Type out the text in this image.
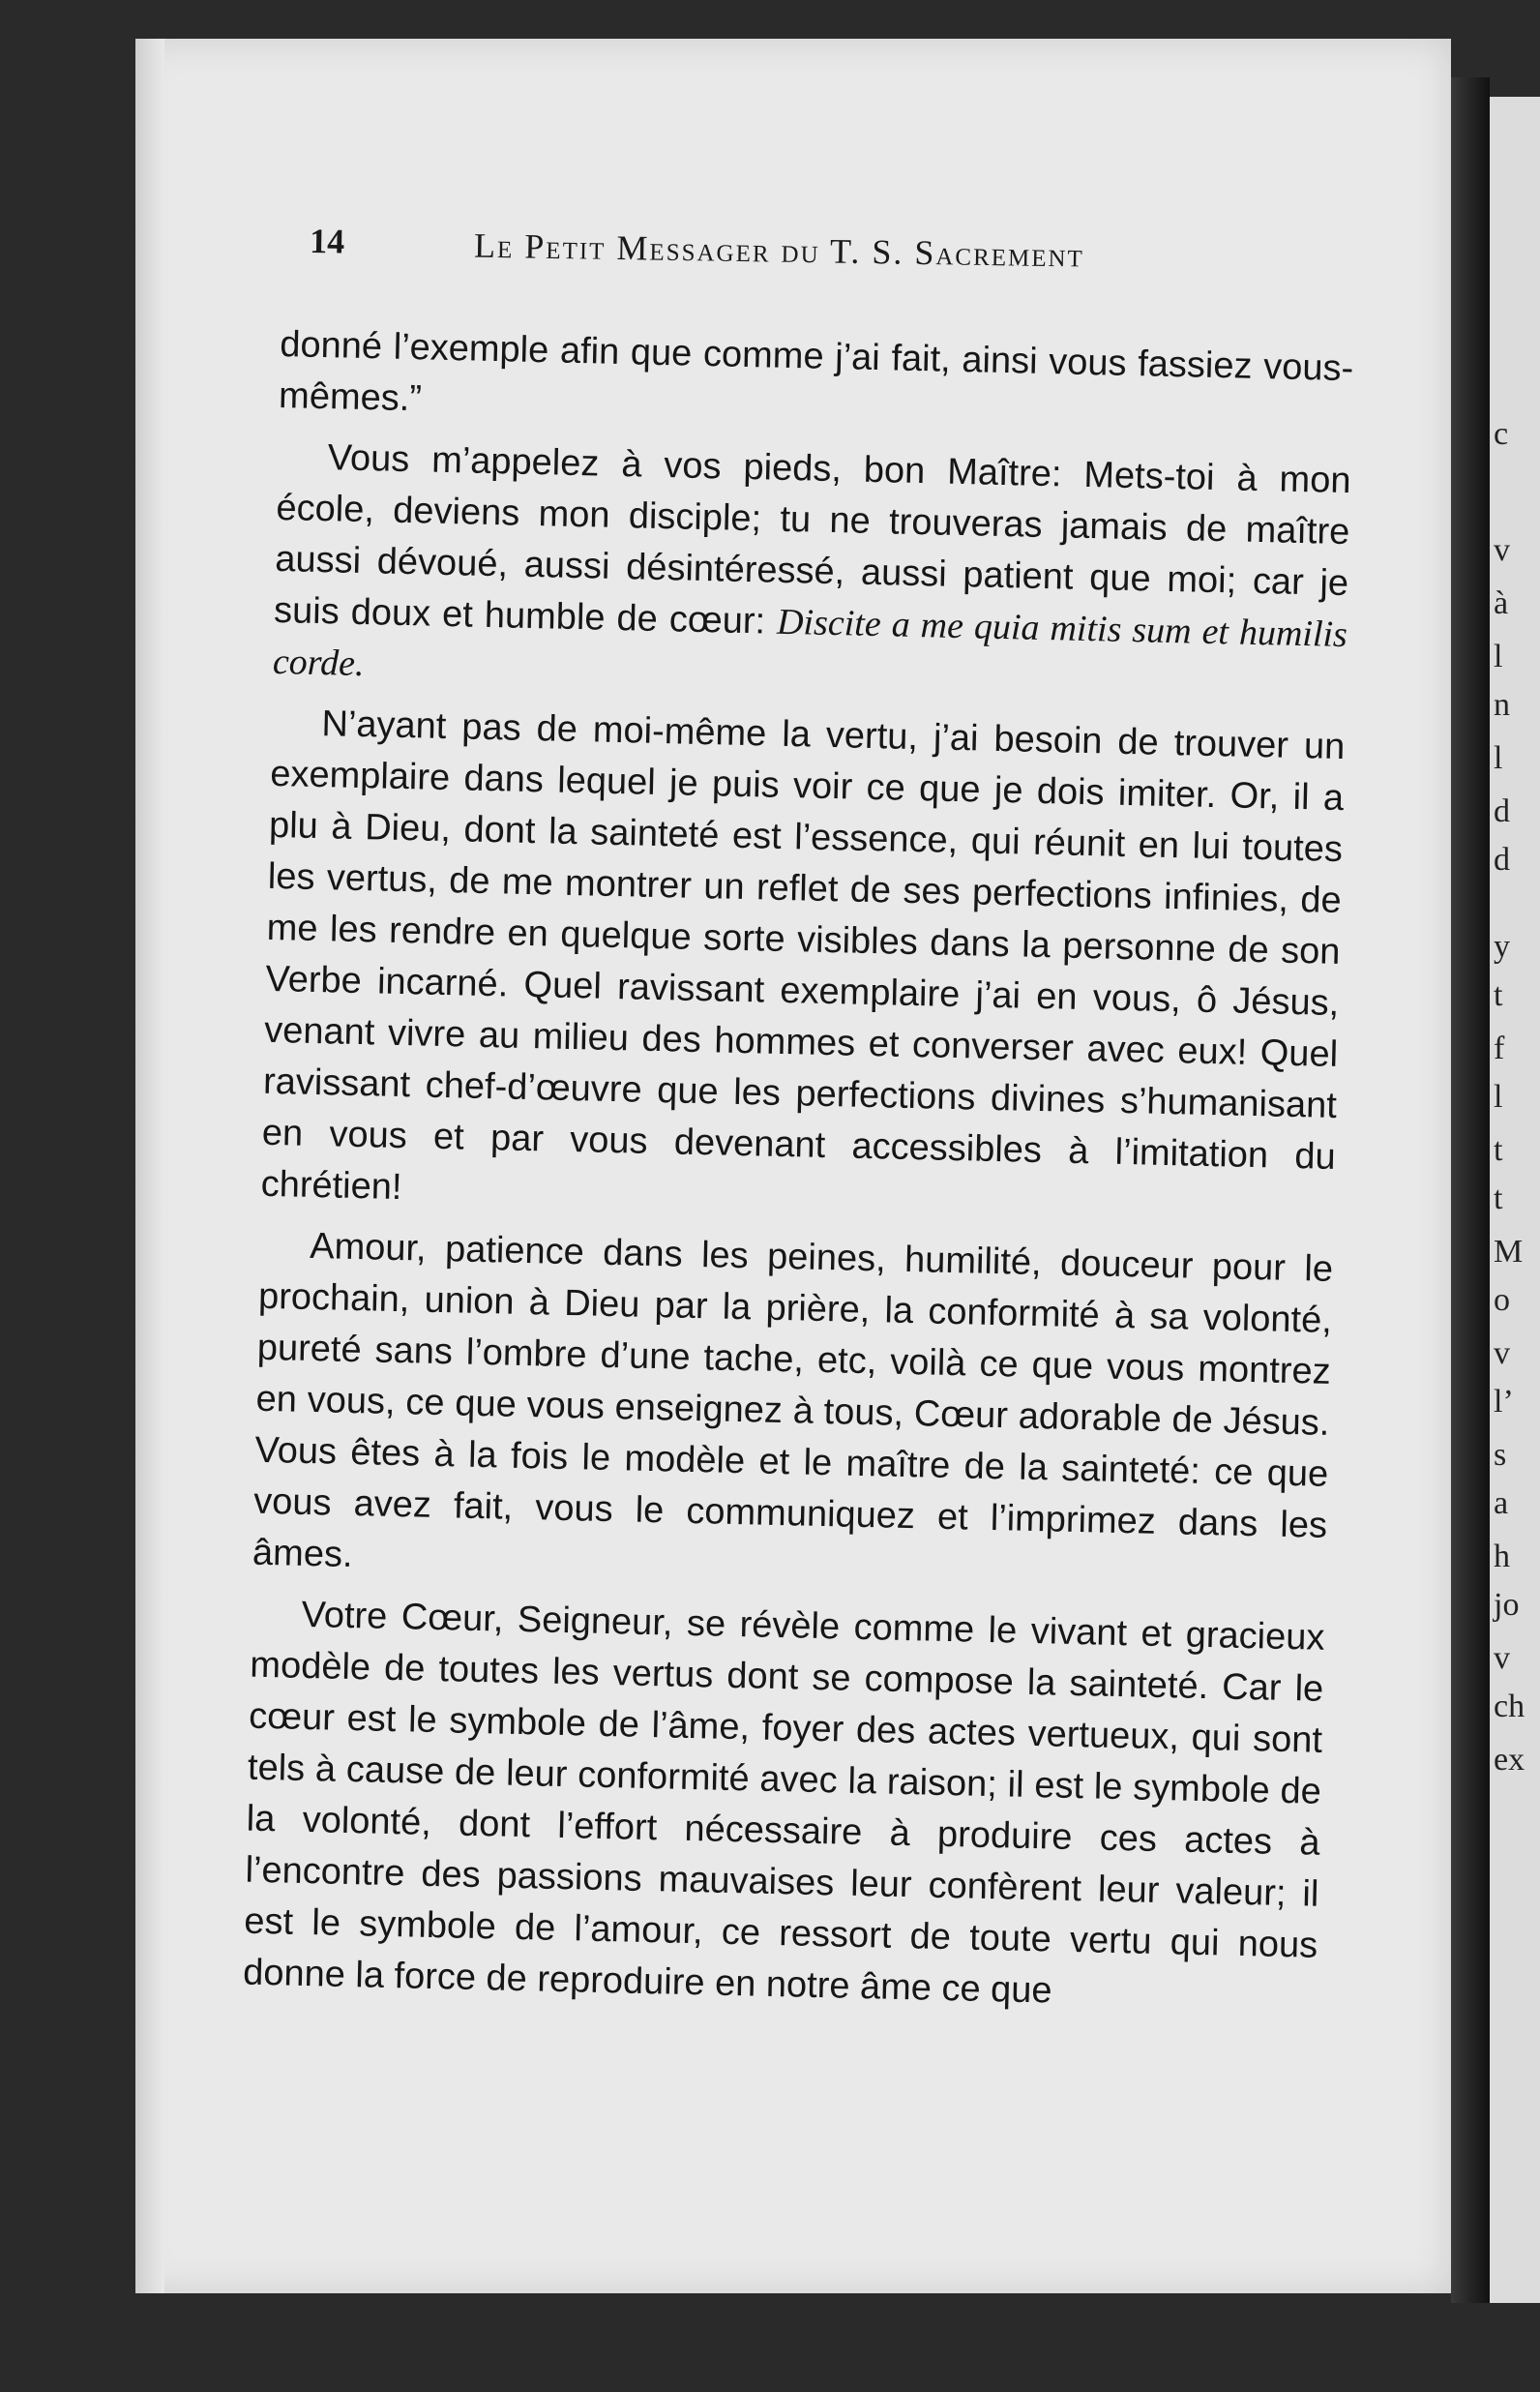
c
v
à
l
n
l
d
d
y
t
f
l
t
t
M
o
v
l’
s
a
h
jo
v
ch
ex
14	Le Petit Messager du T. S. Sacrement

donné l’exemple afin que comme j’ai fait, ainsi vous fassiez vous-mêmes.”

Vous m’appelez à vos pieds, bon Maître: Mets-toi à mon école, deviens mon disciple; tu ne trouveras jamais de maître aussi dévoué, aussi désintéressé, aussi patient que moi; car je suis doux et humble de cœur: Discite a me quia mitis sum et humilis corde.

N’ayant pas de moi-même la vertu, j’ai besoin de trouver un exemplaire dans lequel je puis voir ce que je dois imiter. Or, il a plu à Dieu, dont la sainteté est l’essence, qui réunit en lui toutes les vertus, de me montrer un reflet de ses perfections infinies, de me les rendre en quelque sorte visibles dans la personne de son Verbe incarné. Quel ravissant exemplaire j’ai en vous, ô Jésus, venant vivre au milieu des hommes et converser avec eux! Quel ravissant chef-d’œuvre que les perfections divines s’humanisant en vous et par vous devenant accessibles à l’imitation du chrétien!

Amour, patience dans les peines, humilité, douceur pour le prochain, union à Dieu par la prière, la conformité à sa volonté, pureté sans l’ombre d’une tache, etc, voilà ce que vous montrez en vous, ce que vous enseignez à tous, Cœur adorable de Jésus. Vous êtes à la fois le modèle et le maître de la sainteté: ce que vous avez fait, vous le communiquez et l’imprimez dans les âmes.

Votre Cœur, Seigneur, se révèle comme le vivant et gracieux modèle de toutes les vertus dont se compose la sainteté. Car le cœur est le symbole de l’âme, foyer des actes vertueux, qui sont tels à cause de leur conformité avec la raison; il est le symbole de la volonté, dont l’effort nécessaire à produire ces actes à l’encontre des passions mauvaises leur confèrent leur valeur; il est le symbole de l’amour, ce ressort de toute vertu qui nous donne la force de reproduire en notre âme ce que
